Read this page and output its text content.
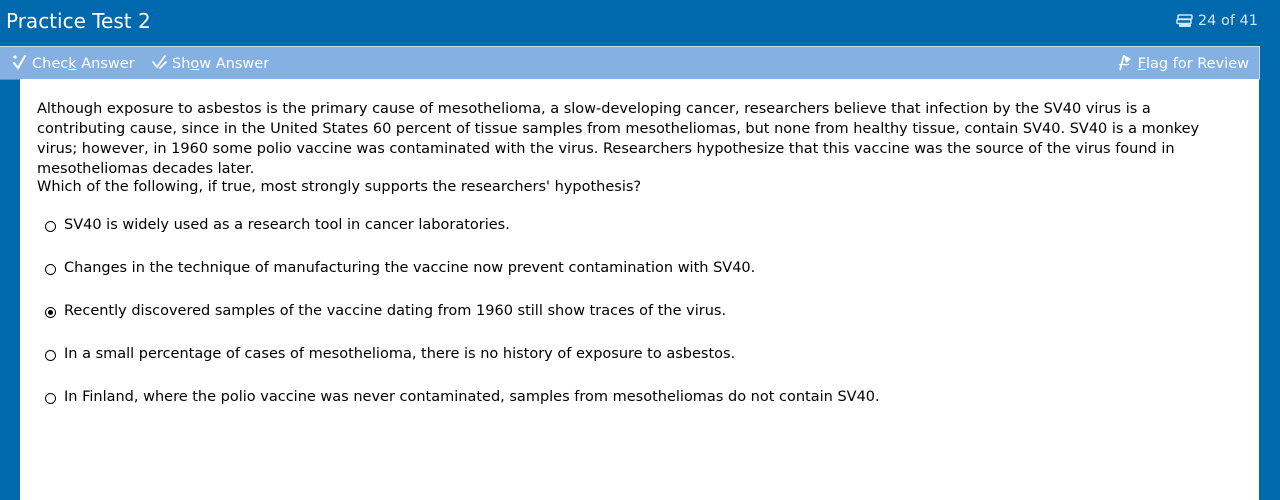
Practice Test 2	24 of 41
Check Answer	Show Answer	Flag for Review

Although exposure to asbestos is the primary cause of mesothelioma, a slow-developing cancer, researchers believe that infection by the SV40 virus is a contributing cause, since in the United States 60 percent of tissue samples from mesotheliomas, but none from healthy tissue, contain SV40. SV40 is a monkey virus; however, in 1960 some polio vaccine was contaminated with the virus. Researchers hypothesize that this vaccine was the source of the virus found in mesotheliomas decades later.

Which of the following, if true, most strongly supports the researchers' hypothesis?

SV40 is widely used as a research tool in cancer laboratories.
Changes in the technique of manufacturing the vaccine now prevent contamination with SV40.
Recently discovered samples of the vaccine dating from 1960 still show traces of the virus.
In a small percentage of cases of mesothelioma, there is no history of exposure to asbestos.
In Finland, where the polio vaccine was never contaminated, samples from mesotheliomas do not contain SV40.
